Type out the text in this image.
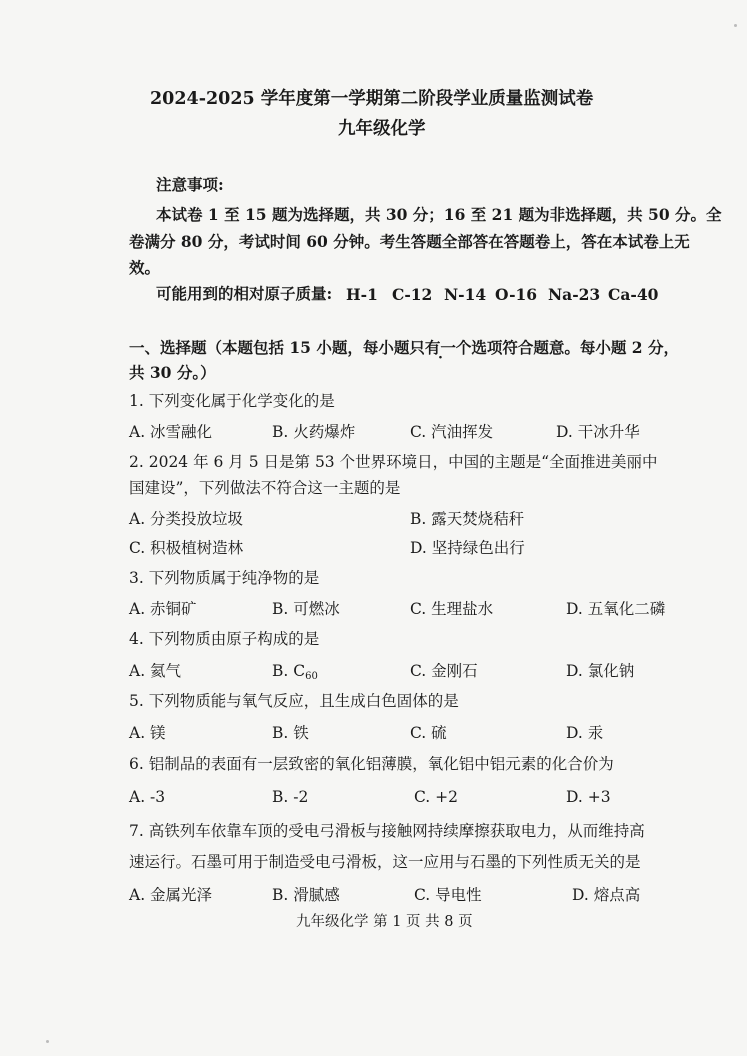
2024-2025 学年度第一学期第二阶段学业质量监测试卷
九年级化学
注意事项:
本试卷 1 至 15 题为选择题，共 30 分；16 至 21 题为非选择题，共 50 分。全
卷满分 80 分，考试时间 60 分钟。考生答题全部答在答题卷上，答在本试卷上无
效。
可能用到的相对原子质量: H-1 C-12 N-14 O-16 Na-23 Ca-40
一、选择题（本题包括 15 小题，每小题只有一个选项符合题意。每小题 2 分，
共 30 分。）
1. 下列变化属于化学变化的是
A. 冰雪融化	B. 火药爆炸	C. 汽油挥发	D. 干冰升华
2. 2024 年 6 月 5 日是第 53 个世界环境日，中国的主题是“全面推进美丽中
国建设”，下列做法不符合这一主题的是
A. 分类投放垃圾	B. 露天焚烧秸秆
C. 积极植树造林	D. 坚持绿色出行
3. 下列物质属于纯净物的是
A. 赤铜矿	B. 可燃冰	C. 生理盐水	D. 五氧化二磷
4. 下列物质由原子构成的是
A. 氦气	B. $C_{60}$	C. 金刚石	D. 氯化钠
5. 下列物质能与氧气反应，且生成白色固体的是
A. 镁	B. 铁	C. 硫	D. 汞
6. 铝制品的表面有一层致密的氧化铝薄膜，氧化铝中铝元素的化合价为
A. -3	B. -2	C. +2	D. +3
7. 高铁列车依靠车顶的受电弓滑板与接触网持续摩擦获取电力，从而维持高
速运行。石墨可用于制造受电弓滑板，这一应用与石墨的下列性质无关的是
A. 金属光泽	B. 滑腻感	C. 导电性	D. 熔点高
九年级化学 第 1 页 共 8 页
